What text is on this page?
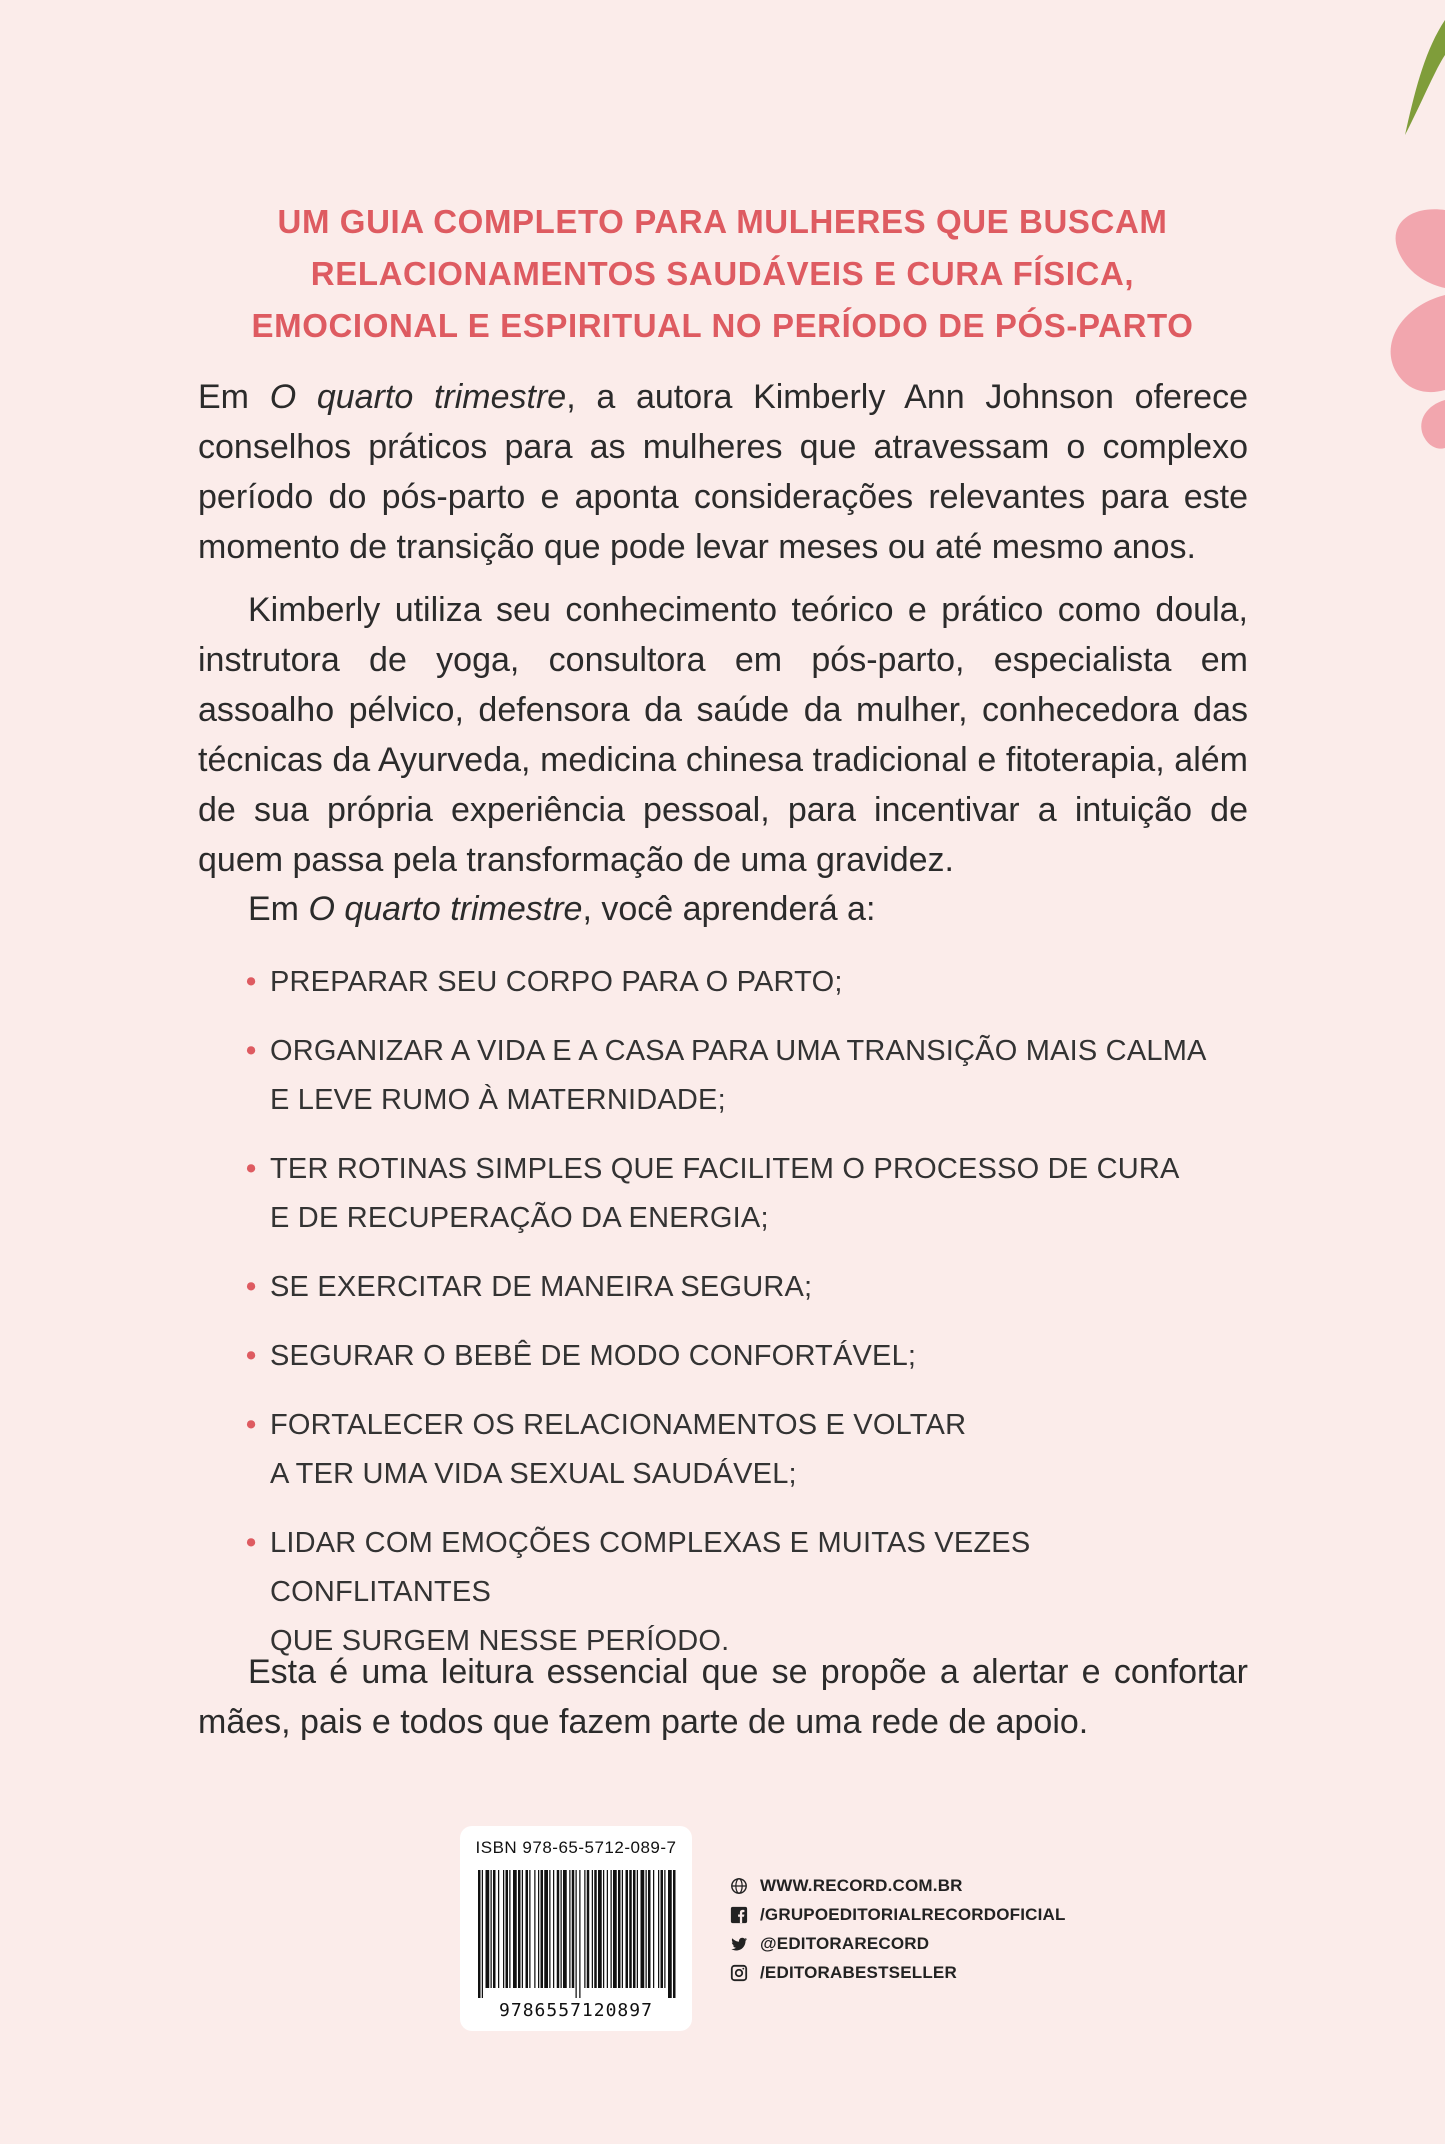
UM GUIA COMPLETO PARA MULHERES QUE BUSCAM
RELACIONAMENTOS SAUDÁVEIS E CURA FÍSICA,
EMOCIONAL E ESPIRITUAL NO PERÍODO DE PÓS-PARTO
Em O quarto trimestre, a autora Kimberly Ann Johnson oferece conselhos práticos para as mulheres que atravessam o complexo período do pós-parto e aponta considerações relevantes para este momento de transição que pode levar meses ou até mesmo anos.
Kimberly utiliza seu conhecimento teórico e prático como doula, instrutora de yoga, consultora em pós-parto, especialista em assoalho pélvico, defensora da saúde da mulher, conhecedora das técnicas da Ayurveda, medicina chinesa tradicional e fitoterapia, além de sua própria experiência pessoal, para incentivar a intuição de quem passa pela transformação de uma gravidez.
Em O quarto trimestre, você aprenderá a:
• PREPARAR SEU CORPO PARA O PARTO;
• ORGANIZAR A VIDA E A CASA PARA UMA TRANSIÇÃO MAIS CALMA
E LEVE RUMO À MATERNIDADE;
• TER ROTINAS SIMPLES QUE FACILITEM O PROCESSO DE CURA
E DE RECUPERAÇÃO DA ENERGIA;
• SE EXERCITAR DE MANEIRA SEGURA;
• SEGURAR O BEBÊ DE MODO CONFORTÁVEL;
• FORTALECER OS RELACIONAMENTOS E VOLTAR
A TER UMA VIDA SEXUAL SAUDÁVEL;
• LIDAR COM EMOÇÕES COMPLEXAS E MUITAS VEZES CONFLITANTES
QUE SURGEM NESSE PERÍODO.
Esta é uma leitura essencial que se propõe a alertar e confortar mães, pais e todos que fazem parte de uma rede de apoio.
ISBN 978-65-5712-089-7
9786557120897
WWW.RECORD.COM.BR
/GRUPOEDITORIALRECORDOFICIAL
@EDITORARECORD
/EDITORABESTSELLER
